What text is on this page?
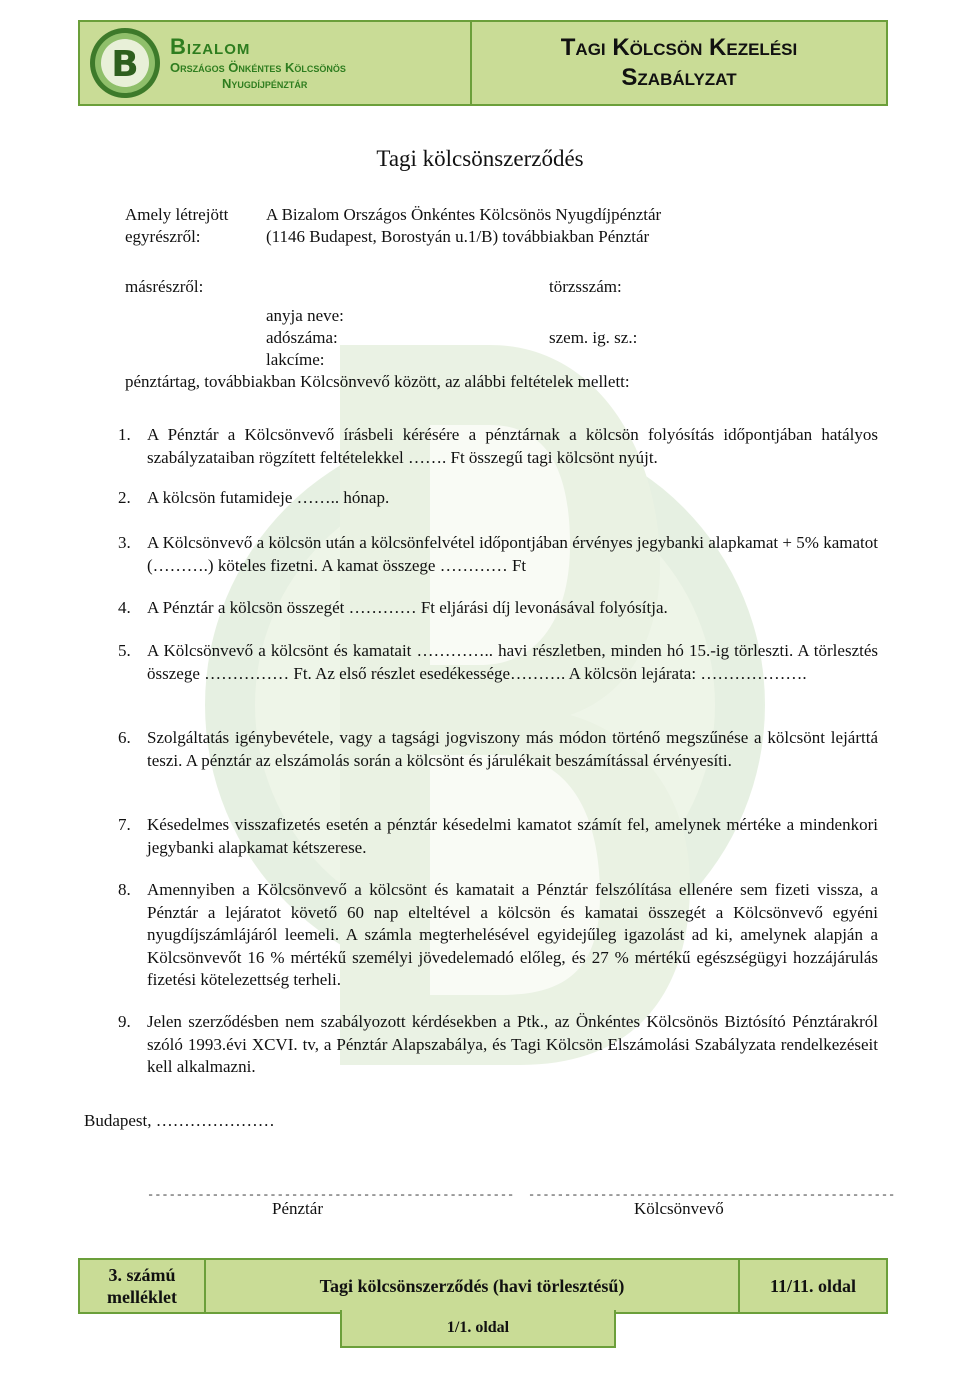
B Bizalom
Országos Önkéntes Kölcsönös
Nyugdíjpénztár
Tagi Kölcsön Kezelési
Szabályzat
Tagi kölcsönszerződés
Amely létrejött
egyrészről:
A Bizalom Országos Önkéntes Kölcsönös Nyugdíjpénztár
(1146 Budapest, Borostyán u.1/B) továbbiakban Pénztár
másrészről:	törzsszám:
anyja neve:
adószáma:	szem. ig. sz.:
lakcíme:
pénztártag, továbbiakban Kölcsönvevő között, az alábbi feltételek mellett:
1. A Pénztár a Kölcsönvevő írásbeli kérésére a pénztárnak a kölcsön folyósítás időpontjában hatályos szabályzataiban rögzített feltételekkel ……. Ft összegű tagi kölcsönt nyújt.
2. A kölcsön futamideje …….. hónap.
3. A Kölcsönvevő a kölcsön után a kölcsönfelvétel időpontjában érvényes jegybanki alapkamat + 5% kamatot (……….) köteles fizetni. A kamat összege ………… Ft
4. A Pénztár a kölcsön összegét ………… Ft eljárási díj levonásával folyósítja.
5. A Kölcsönvevő a kölcsönt és kamatait ………….. havi részletben, minden hó 15.-ig törleszti. A törlesztés összege …………… Ft. Az első részlet esedékessége………. A kölcsön lejárata: ……………….
6. Szolgáltatás igénybevétele, vagy a tagsági jogviszony más módon történő megszűnése a kölcsönt lejárttá teszi. A pénztár az elszámolás során a kölcsönt és járulékait beszámítással érvényesíti.
7. Késedelmes visszafizetés esetén a pénztár késedelmi kamatot számít fel, amelynek mértéke a mindenkori jegybanki alapkamat kétszerese.
8. Amennyiben a Kölcsönvevő a kölcsönt és kamatait a Pénztár felszólítása ellenére sem fizeti vissza, a Pénztár a lejáratot követő 60 nap elteltével a kölcsön és kamatai összegét a Kölcsönvevő egyéni nyugdíjszámlájáról leemeli. A számla megterhelésével egyidejűleg igazolást ad ki, amelynek alapján a Kölcsönvevőt 16 % mértékű személyi jövedelemadó előleg, és 27 % mértékű egészségügyi hozzájárulás fizetési kötelezettség terheli.
9. Jelen szerződésben nem szabályozott kérdésekben a Ptk., az Önkéntes Kölcsönös Biztósító Pénztárakról szóló 1993.évi XCVI. tv, a Pénztár Alapszabálya, és Tagi Kölcsön Elszámolási Szabályzata rendelkezéseit kell alkalmazni.
Budapest, …………………
--------------------------------------------------- ---------------------------------------------------
Pénztár	Kölcsönvevő
3. számú
melléklet
Tagi kölcsönszerződés (havi törlesztésű)	11/11. oldal
1/1. oldal
